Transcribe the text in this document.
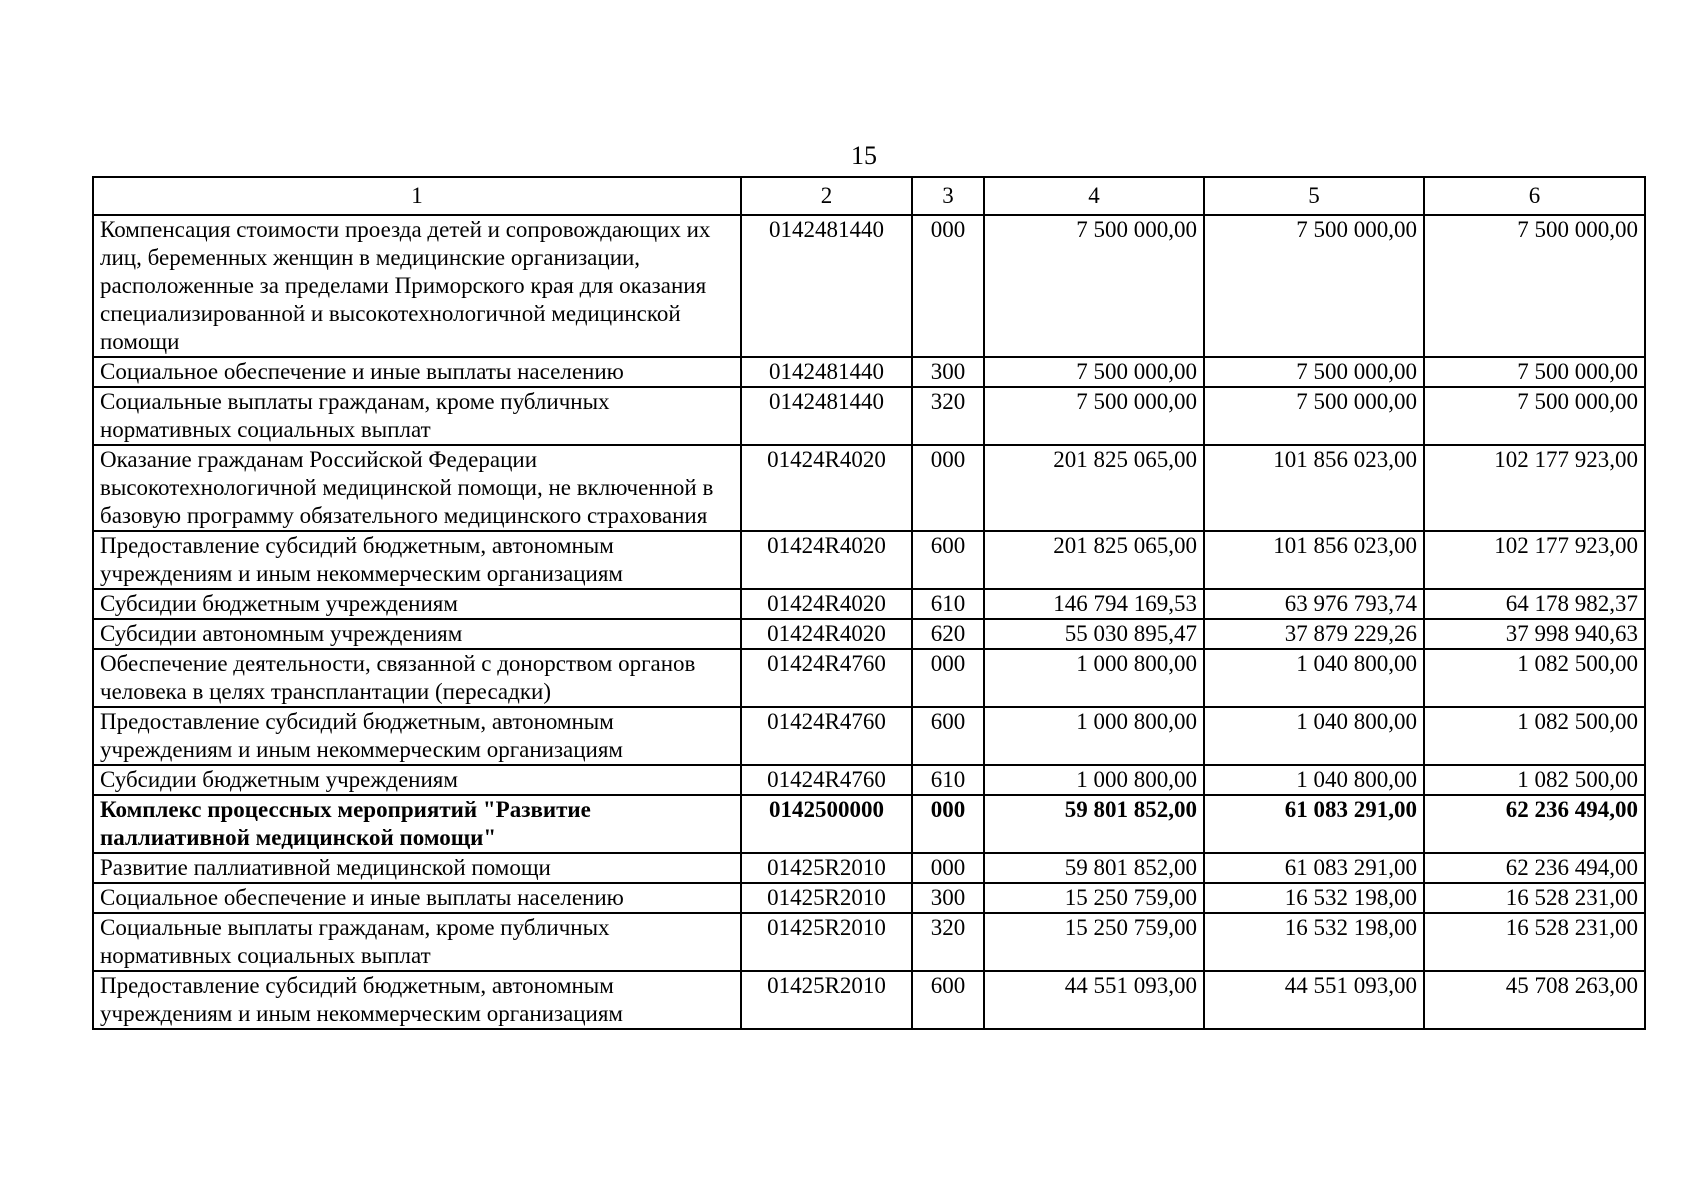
15
1	2	3	4	5	6
Компенсация стоимости проезда детей и сопровождающих их лиц, беременных женщин в медицинские организации, расположенные за пределами Приморского края для оказания специализированной и высокотехнологичной медицинской помощи	0142481440	000	7 500 000,00	7 500 000,00	7 500 000,00
Социальное обеспечение и иные выплаты населению	0142481440	300	7 500 000,00	7 500 000,00	7 500 000,00
Социальные выплаты гражданам, кроме публичных нормативных социальных выплат	0142481440	320	7 500 000,00	7 500 000,00	7 500 000,00
Оказание гражданам Российской Федерации высокотехнологичной медицинской помощи, не включенной в базовую программу обязательного медицинского страхования	01424R4020	000	201 825 065,00	101 856 023,00	102 177 923,00
Предоставление субсидий бюджетным, автономным учреждениям и иным некоммерческим организациям	01424R4020	600	201 825 065,00	101 856 023,00	102 177 923,00
Субсидии бюджетным учреждениям	01424R4020	610	146 794 169,53	63 976 793,74	64 178 982,37
Субсидии автономным учреждениям	01424R4020	620	55 030 895,47	37 879 229,26	37 998 940,63
Обеспечение деятельности, связанной с донорством органов человека в целях трансплантации (пересадки)	01424R4760	000	1 000 800,00	1 040 800,00	1 082 500,00
Предоставление субсидий бюджетным, автономным учреждениям и иным некоммерческим организациям	01424R4760	600	1 000 800,00	1 040 800,00	1 082 500,00
Субсидии бюджетным учреждениям	01424R4760	610	1 000 800,00	1 040 800,00	1 082 500,00
Комплекс процессных мероприятий "Развитие паллиативной медицинской помощи"	0142500000	000	59 801 852,00	61 083 291,00	62 236 494,00
Развитие паллиативной медицинской помощи	01425R2010	000	59 801 852,00	61 083 291,00	62 236 494,00
Социальное обеспечение и иные выплаты населению	01425R2010	300	15 250 759,00	16 532 198,00	16 528 231,00
Социальные выплаты гражданам, кроме публичных нормативных социальных выплат	01425R2010	320	15 250 759,00	16 532 198,00	16 528 231,00
Предоставление субсидий бюджетным, автономным учреждениям и иным некоммерческим организациям	01425R2010	600	44 551 093,00	44 551 093,00	45 708 263,00
